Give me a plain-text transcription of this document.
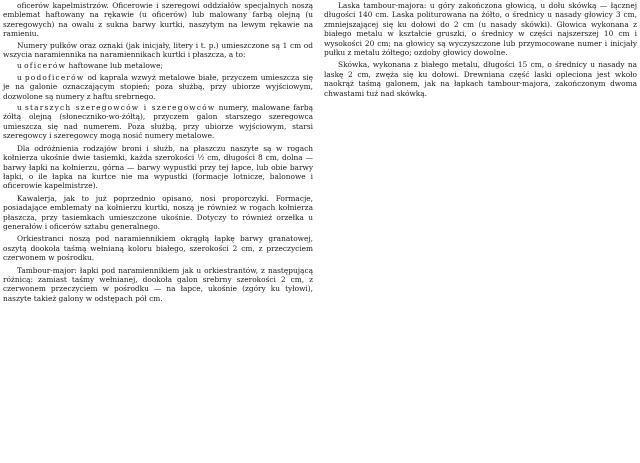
oficerów kapelmistrzów. Oficerowie i szeregowi oddziałów specjalnych noszą emblemat haftowany na rękawie (u oficerów) lub malowany farbą olejną (u szeregowych) na owalu z sukna barwy kurtki, naszytym na lewym rękawie na ramieniu.

Numery pułków oraz oznaki (jak inicjały, litery i t. p.) umieszczone są 1 cm od wszycia naramiennika na naramiennikach kurtki i płaszcza, a to:

u oficerów haftowane lub metalowe;

u podoficerów od kaprala wzwyż metalowe białe, przyczem umieszcza się je na galonie oznaczającym stopień; poza służbą, przy ubiorze wyjściowym, dozwolone są numery z haftu srebrnego.

u starszych szeregowców i szeregowców numery, malowane farbą żółtą olejną (słoneczniko-wo-żółtą), przyczem galon starszego szeregowca umieszcza się nad numerem. Poza służbą, przy ubiorze wyjściowym, starsi szeregowcy i szeregowcy mogą nosić numery metalowe.

Dla odróżnienia rodzajów broni i służb, na płaszczu naszyte są w rogach kołnierza ukośnie dwie tasiemki, każda szerokości ½ cm, długości 8 cm, dolna — barwy łapki na kołnierzu, górna — barwy wypustki przy tej łapce, lub obie barwy łapki, o ile łapka na kurtce nie ma wypustki (formacje lotnicze, balonowe i oficerowie kapelmistrze).

Kawalerja, jak to już poprzednio opisano, nosi proporczyki. Formacje, posiadające emblematy na kołnierzu kurtki, noszą je również w rogach kołnierza płaszcza, przy tasiemkach umieszczone ukośnie. Dotyczy to również orzełka u generałów i oficerów sztabu generalnego.

Orkiestranci noszą pod naramiennikiem okrągłą łapkę barwy granatowej, oszytą dookoła taśmą wełnianą koloru białego, szerokości 2 cm, z przeczyciem czerwonem w pośrodku.

Tambour-major: łapki pod naramiennikiem jak u orkiestrantów, z następującą różnicą: zamiast taśmy wełnianej, dookoła galon srebrny szerokości 2 cm, z czerwonem przeczyciem w pośrodku — na łapce, ukośnie (zgóry ku tyłowi), naszyte takież galony w odstępach pół cm.

Laska tambour-majora: u góry zakończona głowicą, u dołu skówką — łącznej długości 140 cm. Laska politurowana na żółto, o średnicy u nasady głowicy 3 cm, zmniejszającej się ku dołowi do 2 cm (u nasady skówki). Głowica wykonana z białego metalu w kształcie gruszki, o średnicy w części najszerszej 10 cm i wysokości 20 cm; na głowicy są wyczyszczone lub przymocowane numer i inicjały pułku z metalu żółtego; ozdoby głowicy dowolne.

Skówka, wykonana z białego metalu, długości 15 cm, o średnicy u nasady na laskę 2 cm, zwęża się ku dołowi. Drewniana część laski opleciona jest wkoło naokrąż taśmą galonem, jak na łapkach tambour-majora, zakończonym dwoma chwastami tuż nad skówką.
